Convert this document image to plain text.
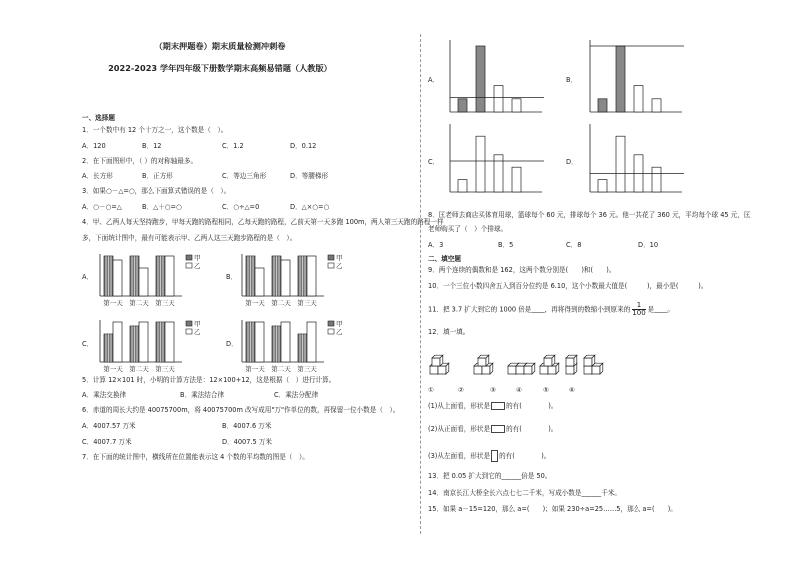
（期末押题卷）期末质量检测冲刺卷
2022-2023 学年四年级下册数学期末高频易错题（人教版）
一、选择题
1．一个数中有 12 个十万之一，这个数是（　）。
A．120	B．12	C．1.2	D．0.12
2．在下面图形中，（ ）的对称轴最多。
A．长方形	B．正方形	C．等边三角形	D．等腰梯形
3．如果○－△=○，那么下面算式错误的是（　）。
A．○－○=△	B．△＋○=○	C．○÷△=0	D．△×○=○
4．甲、乙两人每天坚持跑步，甲每天跑的路程相同，乙每天跑的路程，乙前天第一天多跑 100m，两人第三天跑的路程一样
多，下面统计图中，最有可能表示甲、乙两人这三天跑步路程的是（　）。
A．	B．
C．	D．
第一天 第二天 第三天
甲
乙
第一天 第二天 第三天
甲
乙
第一天 第二天 第三天
甲
乙
第一天 第二天 第三天
甲
乙
5．计算 12×101 时，小明的计算方法是：12×100+12，这是根据（　）进行计算。
A．乘法交换律	B．乘法结合律	C．乘法分配律
6．赤道的周长大约是 40075700m，将 40075700m 改写成用"万"作单位的数，再保留一位小数是（　）。
A．4007.57 万米	B．4007.6 万米
C．4007.7 万米	D．4007.5 万米
7．在下面的统计图中，横线所在位置能表示这 4 个数的平均数的图是（　）。
A．	B．
C．	D．
8．匡老师去商店买体育用球，篮球每个 60 元，排球每个 36 元。他一共花了 360 元，平均每个球 45 元，匡
老师购买了（　）个排球。
A．3	B．5	C．8	D．10
二、填空题
9．两个连续的偶数和是 162，这两个数分别是(　　)和(　　)。
10．一个三位小数四舍五入到百分位约是 6.10，这个小数最大值是(　　　)，最小是(　　　)。
11．把 3.7 扩大到它的 1000 倍是____，再将得到的数缩小到原来的 $\frac{1}{100}$ 是____。
12．填一填。
①	②	③	④	⑤	⑥
(1)从上面看，形状是 的有(　　　　)。
(2)从正面看，形状是 的有(　　　　)。
(3)从左面看，形状是 的有(　　　　)。
13．把 0.05 扩大到它的______倍是 50。
14．南京长江大桥全长六点七七二千米，写成小数是______千米。
15．如果 a－15=120，那么 a=(　　)；如果 230÷a=25……5，那么 a=(　　)。
